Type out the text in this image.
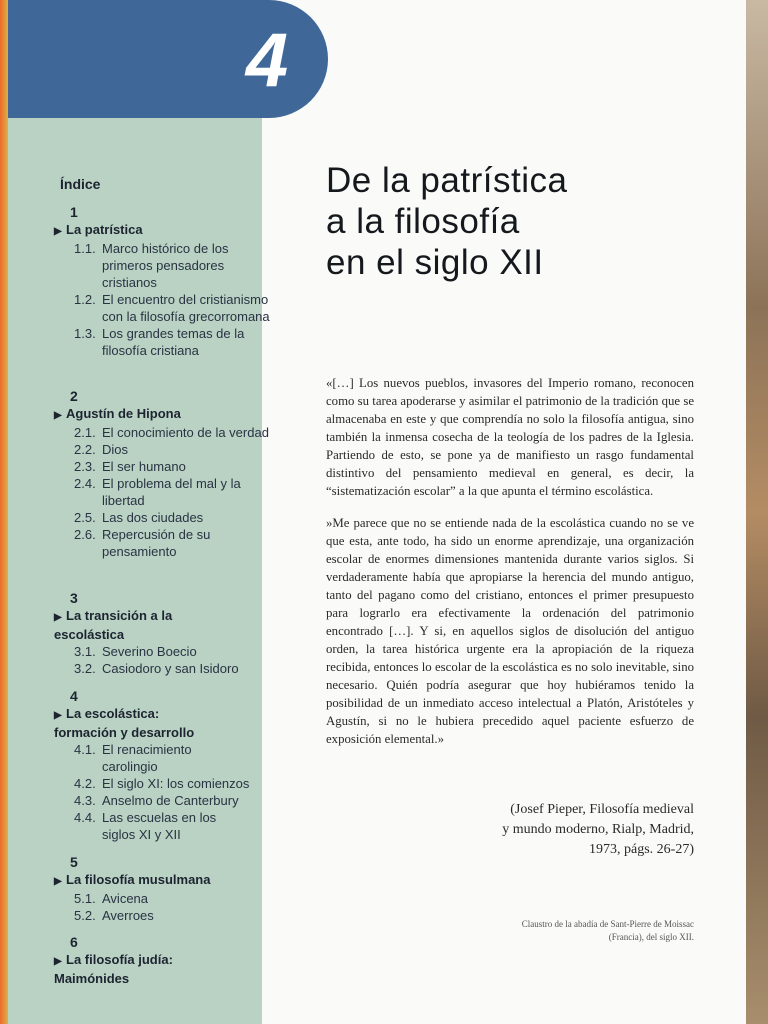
4
Índice
1
▶ La patrística
1.1. Marco histórico de los primeros pensadores cristianos
1.2. El encuentro del cristianismo con la filosofía grecorromana
1.3. Los grandes temas de la filosofía cristiana
2
▶ Agustín de Hipona
2.1. El conocimiento de la verdad
2.2. Dios
2.3. El ser humano
2.4. El problema del mal y la libertad
2.5. Las dos ciudades
2.6. Repercusión de su pensamiento
3
▶ La transición a la escolástica
3.1. Severino Boecio
3.2. Casiodoro y san Isidoro
4
▶ La escolástica: formación y desarrollo
4.1. El renacimiento carolingio
4.2. El siglo XI: los comienzos
4.3. Anselmo de Canterbury
4.4. Las escuelas en los siglos XI y XII
5
▶ La filosofía musulmana
5.1. Avicena
5.2. Averroes
6
▶ La filosofía judía: Maimónides
De la patrística
a la filosofía
en el siglo XII

«[…] Los nuevos pueblos, invasores del Imperio romano, reconocen como su tarea apoderarse y asimilar el patrimonio de la tradición que se almacenaba en este y que comprendía no solo la filosofía antigua, sino también la inmensa cosecha de la teología de los padres de la Iglesia. Partiendo de esto, se pone ya de manifiesto un rasgo fundamental distintivo del pensamiento medieval en general, es decir, la “sistematización escolar” a la que apunta el término escolástica.

»Me parece que no se entiende nada de la escolástica cuando no se ve que esta, ante todo, ha sido un enorme aprendizaje, una organización escolar de enormes dimensiones mantenida durante varios siglos. Si verdaderamente había que apropiarse la herencia del mundo antiguo, tanto del pagano como del cristiano, entonces el primer presupuesto para lograrlo era efectivamente la ordenación del patrimonio encontrado […]. Y si, en aquellos siglos de disolución del antiguo orden, la tarea histórica urgente era la apropiación de la riqueza recibida, entonces lo escolar de la escolástica es no solo inevitable, sino necesario. Quién podría asegurar que hoy hubiéramos tenido la posibilidad de un inmediato acceso intelectual a Platón, Aristóteles y Agustín, si no le hubiera precedido aquel paciente esfuerzo de exposición elemental.»

(Josef Pieper, Filosofía medieval
y mundo moderno, Rialp, Madrid,
1973, págs. 26-27)
Claustro de la abadía de Sant-Pierre de Moissac
(Francia), del siglo XII.
